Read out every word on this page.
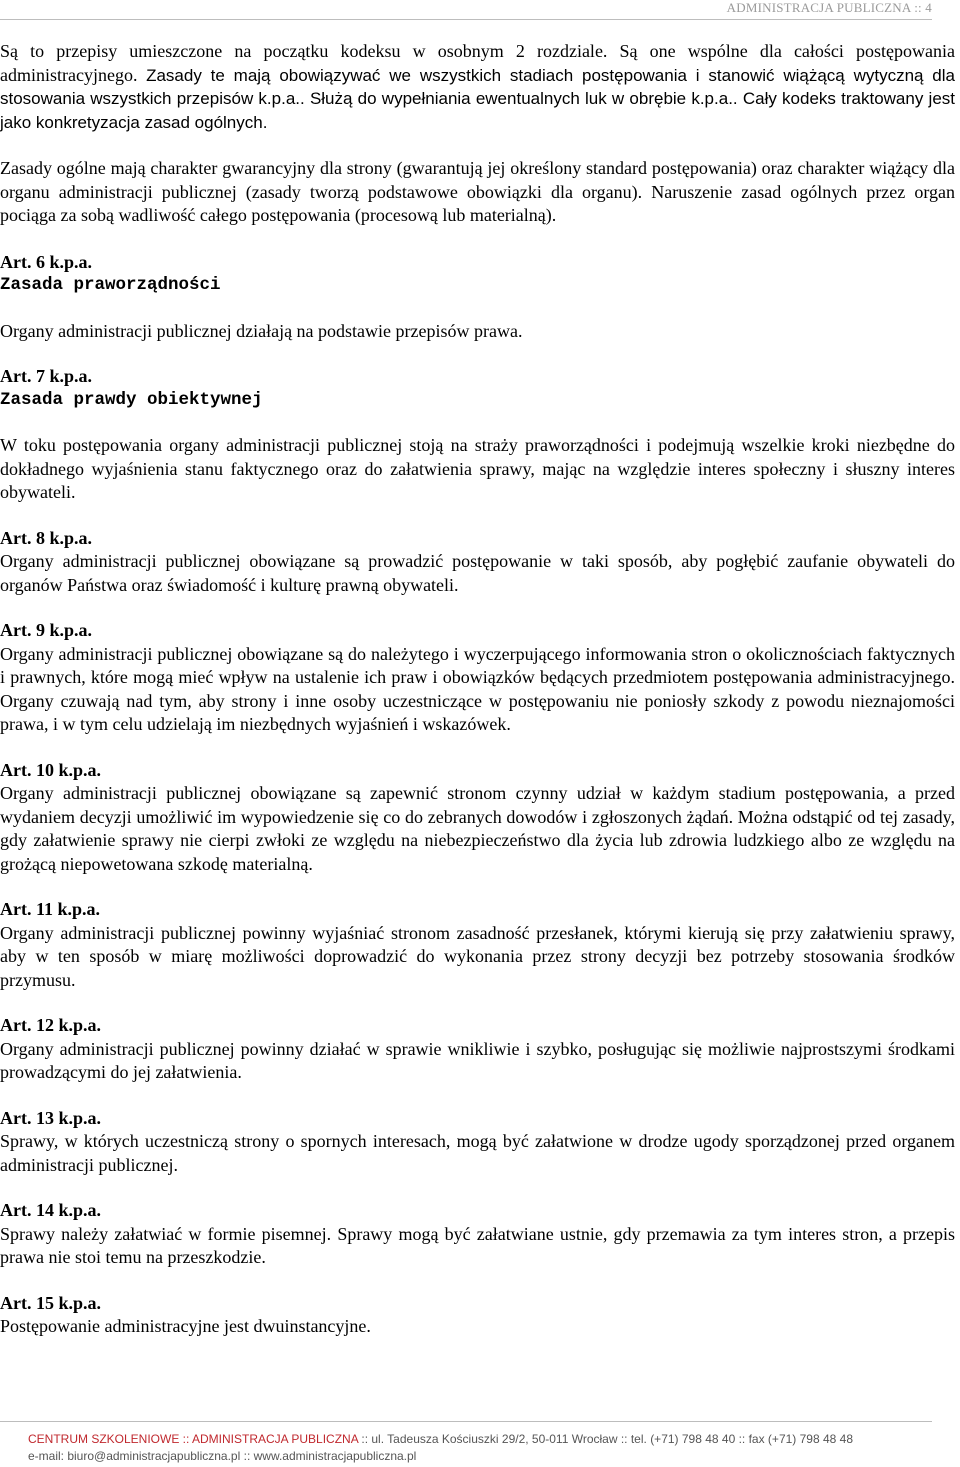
ADMINISTRACJA PUBLICZNA :: 4

Są to przepisy umieszczone na początku kodeksu w osobnym 2 rozdziale. Są one wspólne dla całości postępowania administracyjnego. Zasady te mają obowiązywać we wszystkich stadiach postępowania i stanowić wiążącą wytyczną dla stosowania wszystkich przepisów k.p.a.. Służą do wypełniania ewentualnych luk w obrębie k.p.a.. Cały kodeks traktowany jest jako konkretyzacja zasad ogólnych.

Zasady ogólne mają charakter gwarancyjny dla strony (gwarantują jej określony standard postępowania) oraz charakter wiążący dla organu administracji publicznej (zasady tworzą podstawowe obowiązki dla organu). Naruszenie zasad ogólnych przez organ pociąga za sobą wadliwość całego postępowania (procesową lub materialną).

Art. 6 k.p.a.

Zasada praworządności

Organy administracji publicznej działają na podstawie przepisów prawa.

Art. 7 k.p.a.

Zasada prawdy obiektywnej

W toku postępowania organy administracji publicznej stoją na straży praworządności i podejmują wszelkie kroki niezbędne do dokładnego wyjaśnienia stanu faktycznego oraz do załatwienia sprawy, mając na względzie interes społeczny i słuszny interes obywateli.

Art. 8 k.p.a.

Organy administracji publicznej obowiązane są prowadzić postępowanie w taki sposób, aby pogłębić zaufanie obywateli do organów Państwa oraz świadomość i kulturę prawną obywateli.

Art. 9 k.p.a.

Organy administracji publicznej obowiązane są do należytego i wyczerpującego informowania stron o okolicznościach faktycznych i prawnych, które mogą mieć wpływ na ustalenie ich praw i obowiązków będących przedmiotem postępowania administracyjnego. Organy czuwają nad tym, aby strony i inne osoby uczestniczące w postępowaniu nie poniosły szkody z powodu nieznajomości prawa, i w tym celu udzielają im niezbędnych wyjaśnień i wskazówek.

Art. 10 k.p.a.

Organy administracji publicznej obowiązane są zapewnić stronom czynny udział w każdym stadium postępowania, a przed wydaniem decyzji umożliwić im wypowiedzenie się co do zebranych dowodów i zgłoszonych żądań. Można odstąpić od tej zasady, gdy załatwienie sprawy nie cierpi zwłoki ze względu na niebezpieczeństwo dla życia lub zdrowia ludzkiego albo ze względu na grożącą niepowetowana szkodę materialną.

Art. 11 k.p.a.

Organy administracji publicznej powinny wyjaśniać stronom zasadność przesłanek, którymi kierują się przy załatwieniu sprawy, aby w ten sposób w miarę możliwości doprowadzić do wykonania przez strony decyzji bez potrzeby stosowania środków przymusu.

Art. 12 k.p.a.

Organy administracji publicznej powinny działać w sprawie wnikliwie i szybko, posługując się możliwie najprostszymi środkami prowadzącymi do jej załatwienia.

Art. 13 k.p.a.

Sprawy, w których uczestniczą strony o spornych interesach, mogą być załatwione w drodze ugody sporządzonej przed organem administracji publicznej.

Art. 14 k.p.a.

Sprawy należy załatwiać w formie pisemnej. Sprawy mogą być załatwiane ustnie, gdy przemawia za tym interes stron, a przepis prawa nie stoi temu na przeszkodzie.

Art. 15 k.p.a.

Postępowanie administracyjne jest dwuinstancyjne.

CENTRUM SZKOLENIOWE :: ADMINISTRACJA PUBLICZNA :: ul. Tadeusza Kościuszki 29/2, 50-011 Wrocław :: tel. (+71) 798 48 40 :: fax (+71) 798 48 48
e-mail: biuro@administracjapubliczna.pl :: www.administracjapubliczna.pl
